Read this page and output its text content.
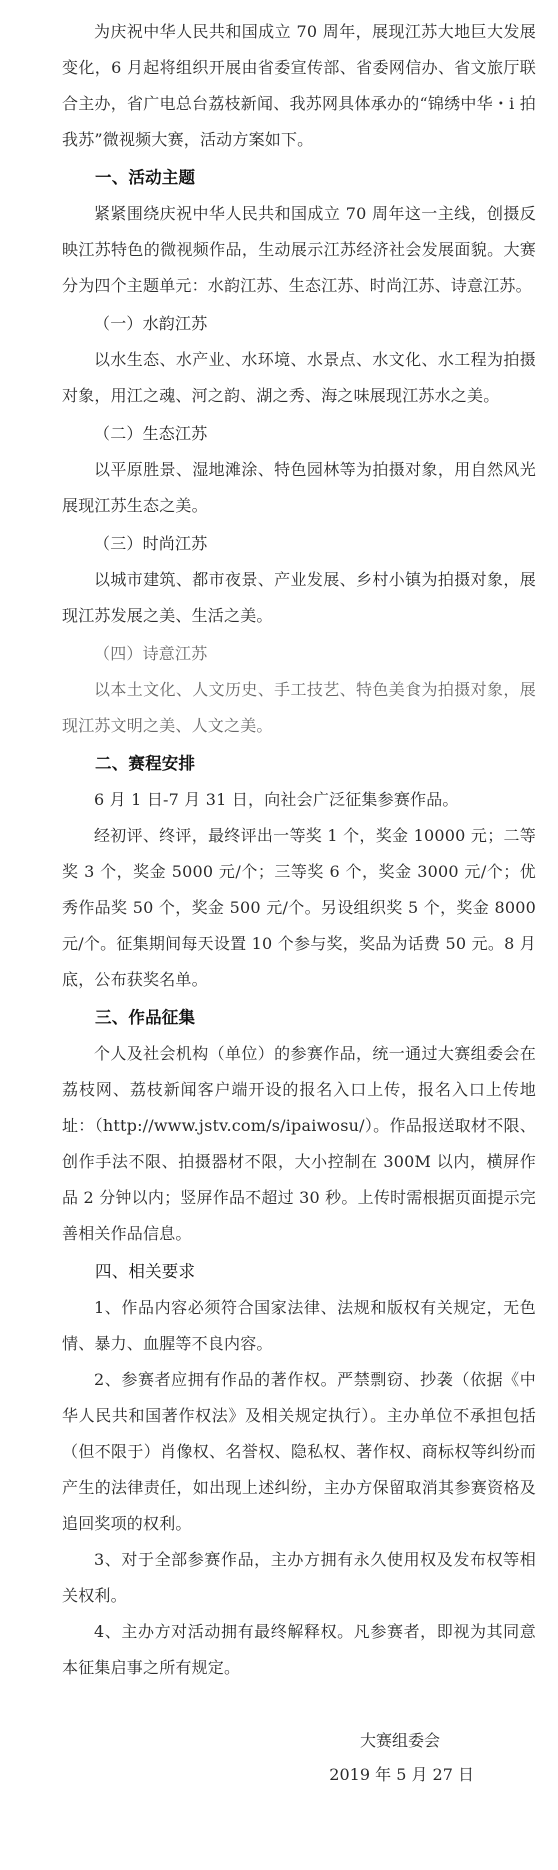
为庆祝中华人民共和国成立 70 周年，展现江苏大地巨大发展变化，6 月起将组织开展由省委宣传部、省委网信办、省文旅厅联合主办，省广电总台荔枝新闻、我苏网具体承办的“锦绣中华・i 拍我苏”微视频大赛，活动方案如下。

一、活动主题

紧紧围绕庆祝中华人民共和国成立 70 周年这一主线，创摄反映江苏特色的微视频作品，生动展示江苏经济社会发展面貌。大赛分为四个主题单元：水韵江苏、生态江苏、时尚江苏、诗意江苏。

（一）水韵江苏

以水生态、水产业、水环境、水景点、水文化、水工程为拍摄对象，用江之魂、河之韵、湖之秀、海之味展现江苏水之美。

（二）生态江苏

以平原胜景、湿地滩涂、特色园林等为拍摄对象，用自然风光展现江苏生态之美。

（三）时尚江苏

以城市建筑、都市夜景、产业发展、乡村小镇为拍摄对象，展现江苏发展之美、生活之美。

（四）诗意江苏

以本土文化、人文历史、手工技艺、特色美食为拍摄对象，展现江苏文明之美、人文之美。

二、赛程安排

6 月 1 日-7 月 31 日，向社会广泛征集参赛作品。

经初评、终评，最终评出一等奖 1 个，奖金 10000 元；二等奖 3 个，奖金 5000 元/个；三等奖 6 个，奖金 3000 元/个；优秀作品奖 50 个，奖金 500 元/个。另设组织奖 5 个，奖金 8000 元/个。征集期间每天设置 10 个参与奖，奖品为话费 50 元。8 月底，公布获奖名单。

三、作品征集

个人及社会机构（单位）的参赛作品，统一通过大赛组委会在荔枝网、荔枝新闻客户端开设的报名入口上传，报名入口上传地址：（http://www.jstv.com/s/ipaiwosu/）。作品报送取材不限、创作手法不限、拍摄器材不限，大小控制在 300M 以内，横屏作品 2 分钟以内；竖屏作品不超过 30 秒。上传时需根据页面提示完善相关作品信息。

四、相关要求

1、作品内容必须符合国家法律、法规和版权有关规定，无色情、暴力、血腥等不良内容。

2、参赛者应拥有作品的著作权。严禁剽窃、抄袭（依据《中华人民共和国著作权法》及相关规定执行）。主办单位不承担包括（但不限于）肖像权、名誉权、隐私权、著作权、商标权等纠纷而产生的法律责任，如出现上述纠纷，主办方保留取消其参赛资格及追回奖项的权利。

3、对于全部参赛作品，主办方拥有永久使用权及发布权等相关权利。

4、主办方对活动拥有最终解释权。凡参赛者，即视为其同意本征集启事之所有规定。

大赛组委会
2019 年 5 月 27 日
